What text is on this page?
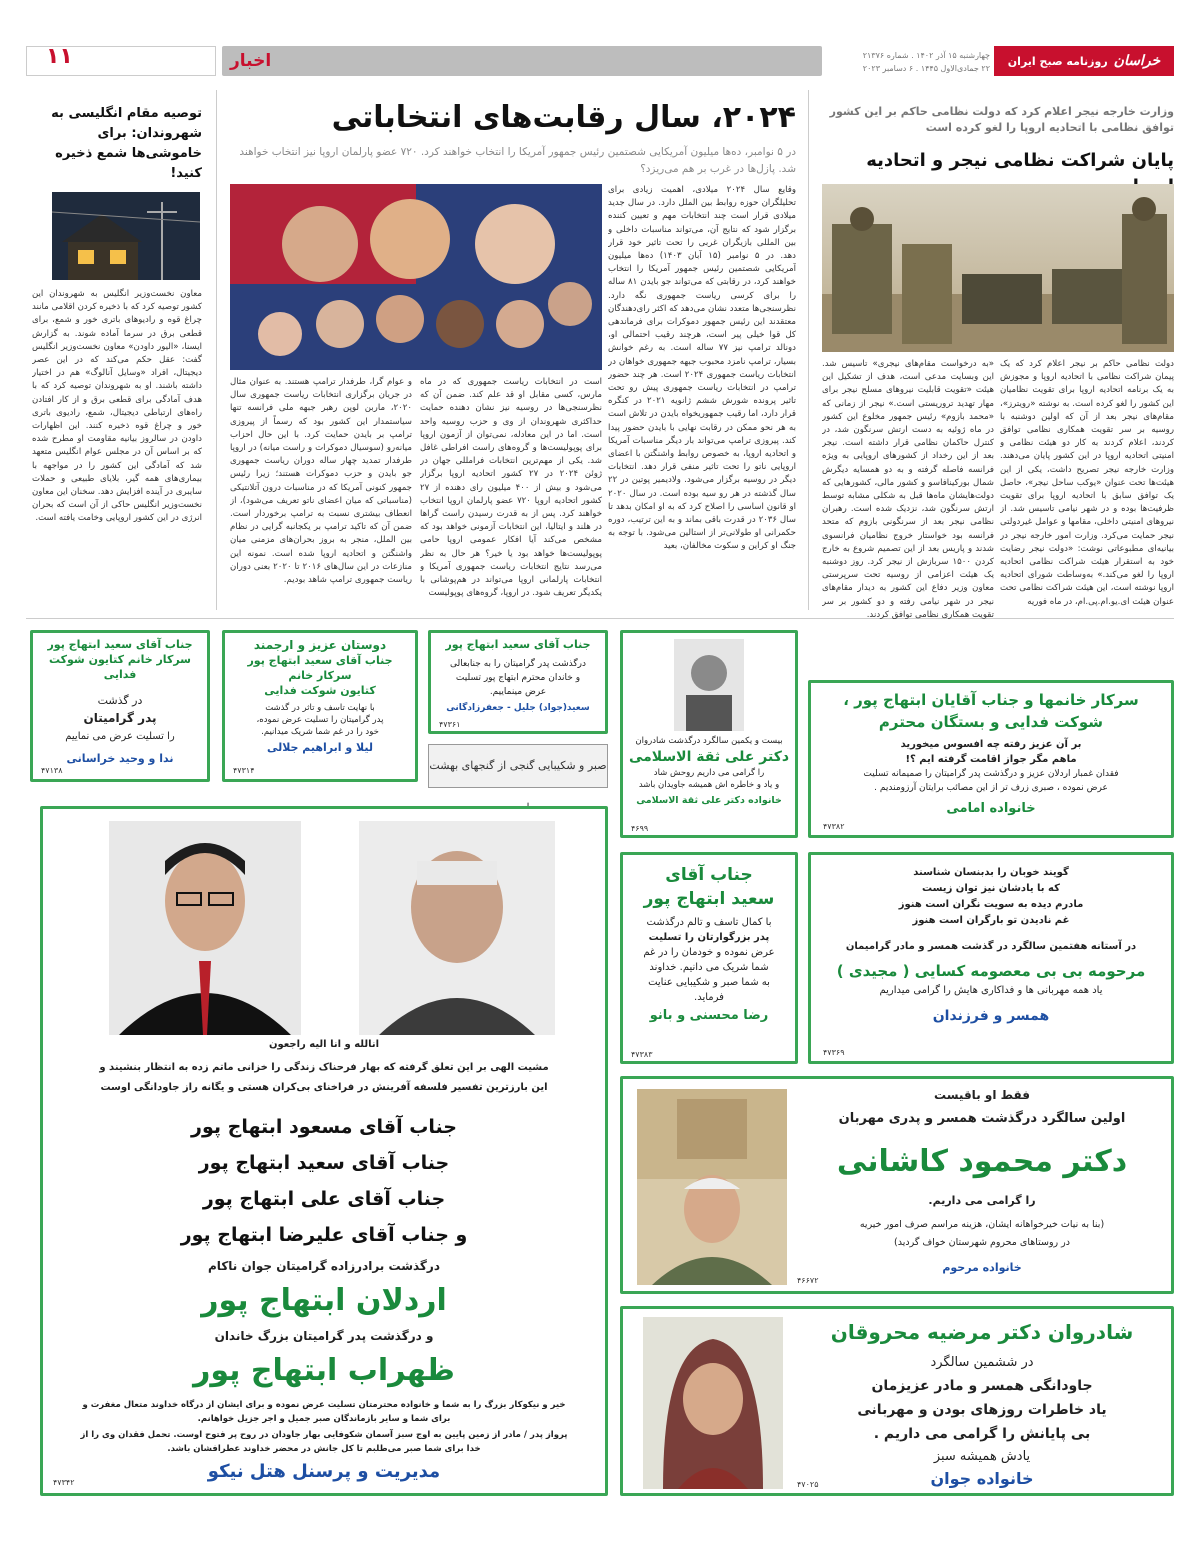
روزنامه صبح ایران خراسان
چهارشنبه ۱۵ آذر ۱۴۰۲ . شماره ۲۱۳۷۶
۲۲ جمادی‌الاول ۱۴۴۵ . ۶ دسامبر ۲۰۲۳
اخبار
۱۱
وزارت خارجه نیجر اعلام کرد که دولت نظامی حاکم بر این کشور توافق نظامی با اتحادیه اروپا را لغو کرده است
پایان شراکت نظامی نیجر و اتحادیه
دولت نظامی حاکم بر نیجر اعلام کرد که یک پیمان شراکت نظامی با اتحادیه اروپا و مجوزش به یک برنامه اتحادیه اروپا برای تقویت نظامیان این کشور را لغو کرده است. به نوشته «رویترز»، مقام‌های نیجر بعد از آن که اولین دوشنبه با روسیه بر سر تقویت همکاری نظامی توافق کردند، اعلام کردند به کار دو هیئت نظامی و امنیتی اتحادیه اروپا در این کشور پایان می‌دهند. وزارت خارجه نیجر تصریح داشت، یکی از این هیئت‌ها تحت عنوان «یوکب ساحل نیجر»، حاصل یک توافق سابق با اتحادیه اروپا برای تقویت ظرفیت‌ها بوده و در شهر نیامی تاسیس شد. از نیروهای امنیتی داخلی، مقامها و عوامل غیردولتی نیجر حمایت می‌کرد. وزارت امور خارجه نیجر در بیانیه‌ای مطبوعاتی نوشت: «دولت نیجر رضایت خود به استقرار هیئت شراکت نظامی اتحادیه اروپا را لغو می‌کند.» به‌وساطت شورای اتحادیه اروپا نوشته است، این هیئت شراکت نظامی تحت عنوان هیئت ای.یو.ام.پی.ام، در ماه فوریه
«به درخواست مقام‌های نیجری» تاسیس شد. این وبسایت مدعی است، هدف از تشکیل این هیئت «تقویت قابلیت نیروهای مسلح نیجر برای مهار تهدید تروریستی است.» نیجر از زمانی که «محمد بازوم» رئیس جمهور مخلوع این کشور در ماه ژوئیه به دست ارتش سرنگون شد، در کنترل حاکمان نظامی قرار داشته است. نیجر بعد از این رخداد از کشورهای اروپایی به ویژه فرانسه فاصله گرفته و به دو همسایه دیگرش شمال بورکینافاسو و کشور مالی، کشورهایی که دولت‌هایشان ماه‌ها قبل به شکلی مشابه توسط ارتش سرنگون شد، نزدیک شده است. رهبران نظامی نیجر بعد از سرنگونی بازوم که متحد فرانسه بود خواستار خروج نظامیان فرانسوی شدند و پاریس بعد از این تصمیم شروع به خارج کردن ۱۵۰۰ سربازش از نیجر کرد. روز دوشنبه یک هیئت اعزامی از روسیه تحت سرپرستی معاون وزیر دفاع این کشور به دیدار مقام‌های نیجر در شهر نیامی رفته و دو کشور بر سر تقویت همکاری نظامی توافق کردند.
۲۰۲۴، سال رقابت‌های انتخاباتی
در ۵ نوامبر، ده‌ها میلیون آمریکایی شصتمین رئیس جمهور آمریکا را انتخاب خواهند کرد. ۷۲۰ عضو پارلمان اروپا نیز انتخاب خواهند شد. پازل‌ها در غرب بر هم می‌ریزد؟
وقایع سال ۲۰۲۴ میلادی، اهمیت زیادی برای تحلیلگران حوزه روابط بین الملل دارد. در سال جدید میلادی قرار است چند انتخابات مهم و تعیین کننده برگزار شود که نتایج آن، می‌تواند مناسبات داخلی و بین المللی بازیگران غربی را تحت تاثیر خود قرار دهد. در ۵ نوامبر (۱۵ آبان ۱۴۰۳) ده‌ها میلیون آمریکایی شصتمین رئیس جمهور آمریکا را انتخاب خواهند کرد، در رقابتی که می‌تواند جو بایدن ۸۱ ساله را برای کرسی ریاست جمهوری نگه دارد. نظرسنجی‌ها متعدد نشان می‌دهد که اکثر رای‌دهندگان معتقدند این رئیس جمهور دموکرات برای فرماندهی کل قوا خیلی پیر است، هرچند رقیب احتمالی او، دونالد ترامپ نیز ۷۷ ساله است. به رغم خوانش بسیار، ترامپ نامزد محبوب جبهه جمهوری خواهان در انتخابات ریاست جمهوری ۲۰۲۴ است. هر چند حضور ترامپ در انتخابات ریاست جمهوری پیش رو تحت تاثیر پرونده شورش ششم ژانویه ۲۰۲۱ در کنگره قرار دارد، اما رقیب جمهوریخواه بایدن در تلاش است به هر نحو ممکن در رقابت نهایی با بایدن حضور پیدا کند. پیروزی ترامپ می‌تواند بار دیگر مناسبات آمریکا و اتحادیه اروپا، به خصوص روابط واشنگتن با اعضای اروپایی ناتو را تحت تاثیر منفی قرار دهد. انتخابات دیگر در روسیه برگزار می‌شود. ولادیمیر پوتین در ۲۲ سال گذشته در هر رو سیه بوده است. در سال ۲۰۲۰ او قانون اساسی را اصلاح کرد که به او امکان بدهد تا سال ۲۰۳۶ در قدرت باقی بماند و به این ترتیب، دوره حکمرانی او طولانی‌تر از استالین می‌شود. با توجه به جنگ او کراین و سکوت مخالفان، بعید
است در انتخابات ریاست جمهوری که در ماه مارس، کسی مقابل او قد علم کند. ضمن آن که نظرسنجی‌ها در روسیه نیز نشان دهنده حمایت حداکثری شهروندان از وی و حزب روسیه واحد است. اما در این معادله، نمی‌توان از آزمون اروپا برای پوپولیست‌ها و گروه‌های راست افراطی غافل شد. یکی از مهم‌ترین انتخابات فرامللی جهان در ژوئن ۲۰۲۴ در ۲۷ کشور اتحادیه اروپا برگزار می‌شود و بیش از ۴۰۰ میلیون رای دهنده از ۲۷ کشور اتحادیه اروپا ۷۲۰ عضو پارلمان اروپا انتخاب خواهند کرد. پس از به قدرت رسیدن راست گراها در هلند و ایتالیا، این انتخابات آزمونی خواهد بود که مشخص می‌کند آیا افکار عمومی اروپا حامی پوپولیست‌ها خواهد بود یا خیر؟ هر حال به نظر می‌رسد نتایج انتخابات ریاست جمهوری آمریکا و انتخابات پارلمانی اروپا می‌تواند در هم‌پوشانی با یکدیگر تعریف شود. در اروپا، گروه‌های پوپولیست
و عوام گرا، طرفدار ترامپ هستند. به عنوان مثال در جریان برگزاری انتخابات ریاست جمهوری سال ۲۰۲۰، ماربن لوپن رهبر جبهه ملی فرانسه تنها سیاستمدار این کشور بود که رسماً از پیروزی ترامپ بر بایدن حمایت کرد. با این حال احزاب میانه‌رو (سوسیال دموکرات و راست میانه) در اروپا طرفدار تمدید چهار ساله دوران ریاست جمهوری جو بایدن و حزب دموکرات هستند؛ زیرا رئیس جمهور کنونی آمریکا که در مناسبات درون آتلانتیکی (مناسباتی که میان اعضای ناتو تعریف می‌شود)، از انعطاف بیشتری نسبت به ترامپ برخوردار است. ضمن آن که تاکید ترامپ بر یکجانبه گرایی در نظام بین الملل، منجر به بروز بحران‌های مزمنی میان واشنگتن و اتحادیه اروپا شده است. نمونه این منازعات در این سال‌های ۲۰۱۶ تا ۲۰۲۰ بعنی دوران ریاست جمهوری ترامپ شاهد بودیم.
توصیه مقام انگلیسی به شهروندان: برای خاموشی‌ها شمع ذخیره کنید!
معاون نخست‌وزیر انگلیس به شهروندان این کشور توصیه کرد که با ذخیره کردن اقلامی مانند چراغ قوه و رادیوهای باتری خور و شمع، برای قطعی برق در سرما آماده شوند. به گزارش ایسنا، «الیور داودن» معاون نخست‌وزیر انگلیس گفت: عقل حکم می‌کند که در این عصر دیجیتال، افراد «وسایل آنالوگ» هم در اختیار داشته باشند. او به شهروندان توصیه کرد که با هدف آمادگی برای قطعی برق و از کار افتادن راه‌های ارتباطی دیجیتال، شمع، رادیوی باتری خور و چراغ قوه ذخیره کنند. این اظهارات داودن در سالروز بیانیه مقاومت او مطرح شده که بر اساس آن در مجلس عوام انگلیس متعهد شد که آمادگی این کشور را در مواجهه با بیماری‌های همه گیر، بلایای طبیعی و حملات سایبری در آینده افزایش دهد. سخنان این معاون نخست‌وزیر انگلیس حاکی از آن است که بحران انرژی در این کشور اروپایی وخامت یافته است.
جناب آقای سعید ابتهاج پور
سرکار خانم کتایون شوکت فدایی
در گذشت
پدر گرامیتان
را تسلیت عرض می نماییم
ندا و وحید خراسانی
۴۷۱۳۸
دوستان عزیز و ارجمند
جناب آقای سعید ابتهاج پور
سرکار خانم
کتایون شوکت فدایی
با نهایت تاسف و تاثر در گذشت
پدر گرامیتان را تسلیت عرض نموده،
خود را در غم شما شریک میدانیم.
لیلا و ابراهیم جلالی
۴۷۳۱۴
جناب آقای سعید ابتهاج پور
درگذشت پدر گرامیتان را به جنابعالی
و خاندان محترم ابتهاج پور تسلیت
عرض مینماییم.
سعید(جواد) جلیل - جعفرزادگانی
۴۷۳۶۱
صبر و شکیبایی گنجی از گنجهای بهشت
بیست و یکمین سالگرد درگذشت شادروان
دکتر علی ثقة الاسلامی
را گرامی می داریم روحش شاد
و یاد و خاطره اش همیشه جاویدان باشد
خانواده دکتر علی ثقة الاسلامی
۴۶۹۹
سرکار خانمها و جناب آقایان ابتهاج پور ،
شوکت فدایی و بستگان محترم
بر آن عزیز رفته چه افسوس میخورید
ماهم مگر جواز اقامت گرفته ایم ؟!
فقدان غمبار اردلان عزیز و درگذشت پدر گرامیتان را صمیمانه تسلیت
عرض نموده ، صبری زرف تر از این مصائب برایتان آرزومندیم .
خانواده امامی
۴۷۳۸۲
انالله و انا الیه راجعون
مشیت الهی بر این تعلق گرفته که بهار فرحناک زندگی را خزانی ماتم زده به انتظار بنشیند و
این بارزترین تفسیر فلسفه آفرینش در فراخنای بی‌کران هستی و یگانه راز جاودانگی اوست
جناب آقای مسعود ابتهاج پور
جناب آقای سعید ابتهاج پور
جناب آقای علی ابتهاج پور
و جناب آقای علیرضا ابتهاج پور
درگذشت برادرزاده گرامیتان جوان ناکام
اردلان ابتهاج پور
و درگذشت پدر گرامیتان بزرگ خاندان
ظهراب ابتهاج پور
خیر و نیکوکار بزرگ را به شما و خانواده محترمتان تسلیت عرض نموده و برای ایشان از درگاه خداوند متعال مغفرت و
برای شما و سایر بازماندگان صبر جمیل و اجر جزیل خواهانم.
پرواز پدر / مادر از زمین پایین به اوج سبز آسمان شکوفایی بهار جاودان در روح پر فتوح اوست. تحمل فقدان وی را از
خدا برای شما صبر می‌طلبم تا کل جانش در محضر خداوند عطرافشان باشد.
مدیریت و پرسنل هتل نیکو
۴۷۳۴۲
جناب آقای
سعید ابتهاج پور
با کمال تاسف و تالم درگذشت
پدر بزرگوارتان را تسلیت
عرض نموده و خودمان را در غم
شما شریک می دانیم. خداوند
به شما صبر و شکیبایی عنایت
فرماید.
رضا محسنی و بانو
۴۷۳۸۳
گویند خوبان را بدبنسان شناسند
که با یادشان نیز توان زیست
مادرم دیده به سویت نگران است هنوز
غم نادیدن تو بارگران است هنوز
در آستانه هفتمین سالگرد در گذشت همسر و مادر گرامیمان
مرحومه بی بی معصومه کسایی ( مجیدی )
یاد همه مهربانی ها و فداکاری هایش را گرامی میداریم
همسر و فرزندان
۴۷۳۶۹
فقط او باقیست
اولین سالگرد درگذشت همسر و پدری مهربان
دکتر محمود کاشانی
را گرامی می داریم.
(بنا به نیات خیرخواهانه ایشان، هزینه مراسم صرف امور خیریه
در روستاهای محروم شهرستان خواف گردید)
خانواده مرحوم
۴۶۶۷۲
شادروان دکتر مرضیه محروقان
در ششمین سالگرد
جاودانگی همسر و مادر عزیزمان
یاد خاطرات روزهای بودن و مهربانی
بی پایانش را گرامی می داریم .
یادش همیشه سبز
خانواده جوان
۴۷۰۲۵
